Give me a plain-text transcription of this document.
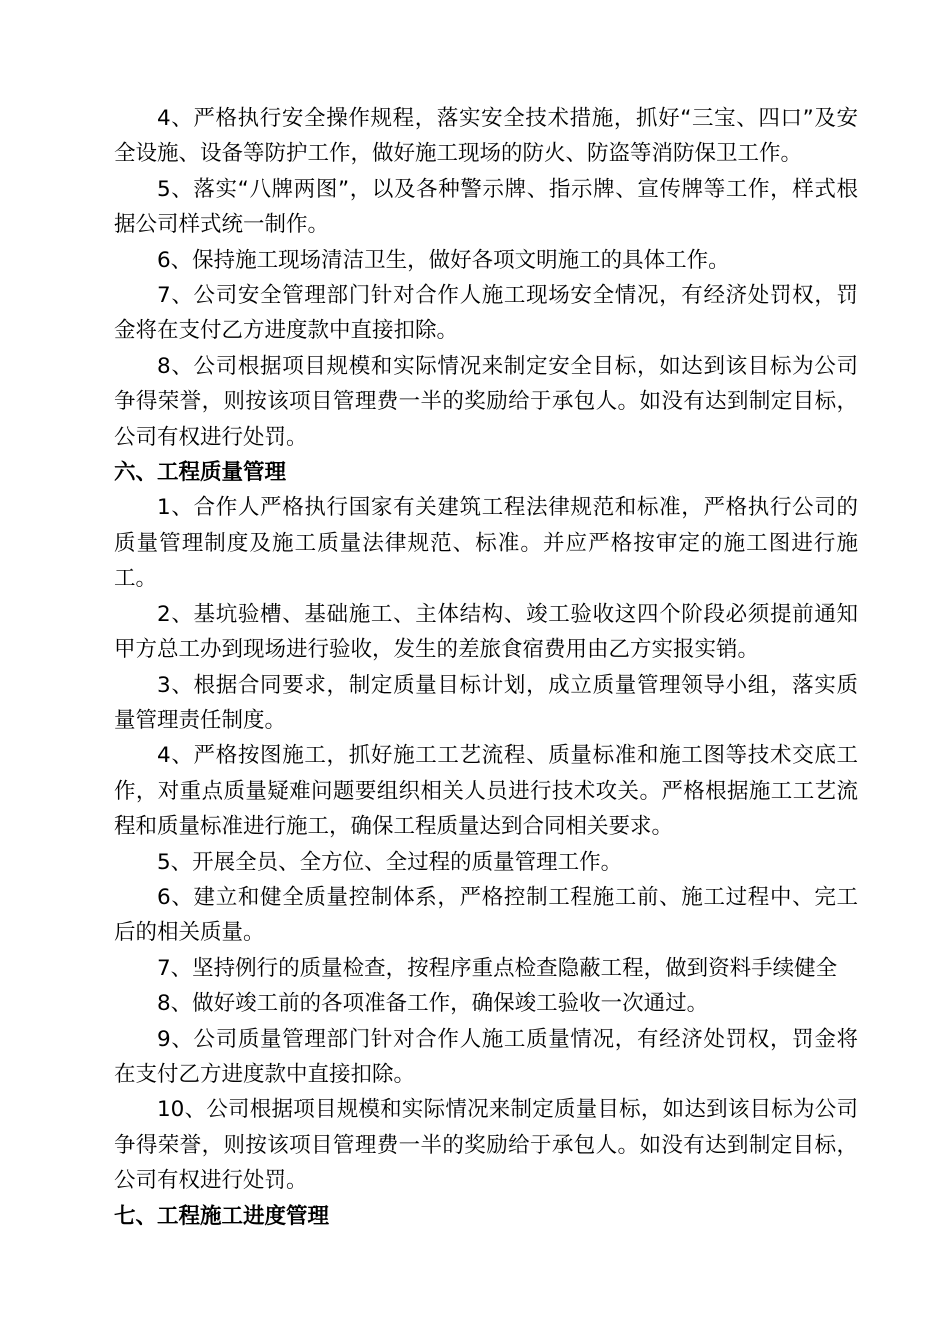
4、严格执行安全操作规程，落实安全技术措施，抓好“三宝、四口”及安全设施、设备等防护工作，做好施工现场的防火、防盗等消防保卫工作。

5、落实“八牌两图”，以及各种警示牌、指示牌、宣传牌等工作，样式根据公司样式统一制作。

6、保持施工现场清洁卫生，做好各项文明施工的具体工作。

7、公司安全管理部门针对合作人施工现场安全情况，有经济处罚权，罚金将在支付乙方进度款中直接扣除。

8、公司根据项目规模和实际情况来制定安全目标，如达到该目标为公司争得荣誉，则按该项目管理费一半的奖励给于承包人。如没有达到制定目标，公司有权进行处罚。

六、工程质量管理

1、合作人严格执行国家有关建筑工程法律规范和标准，严格执行公司的质量管理制度及施工质量法律规范、标准。并应严格按审定的施工图进行施工。

2、基坑验槽、基础施工、主体结构、竣工验收这四个阶段必须提前通知甲方总工办到现场进行验收，发生的差旅食宿费用由乙方实报实销。

3、根据合同要求，制定质量目标计划，成立质量管理领导小组，落实质量管理责任制度。

4、严格按图施工，抓好施工工艺流程、质量标准和施工图等技术交底工作，对重点质量疑难问题要组织相关人员进行技术攻关。严格根据施工工艺流程和质量标准进行施工，确保工程质量达到合同相关要求。

5、开展全员、全方位、全过程的质量管理工作。

6、建立和健全质量控制体系，严格控制工程施工前、施工过程中、完工后的相关质量。

7、坚持例行的质量检查，按程序重点检查隐蔽工程，做到资料手续健全

8、做好竣工前的各项准备工作，确保竣工验收一次通过。

9、公司质量管理部门针对合作人施工质量情况，有经济处罚权，罚金将在支付乙方进度款中直接扣除。

10、公司根据项目规模和实际情况来制定质量目标，如达到该目标为公司争得荣誉，则按该项目管理费一半的奖励给于承包人。如没有达到制定目标，公司有权进行处罚。

七、工程施工进度管理
